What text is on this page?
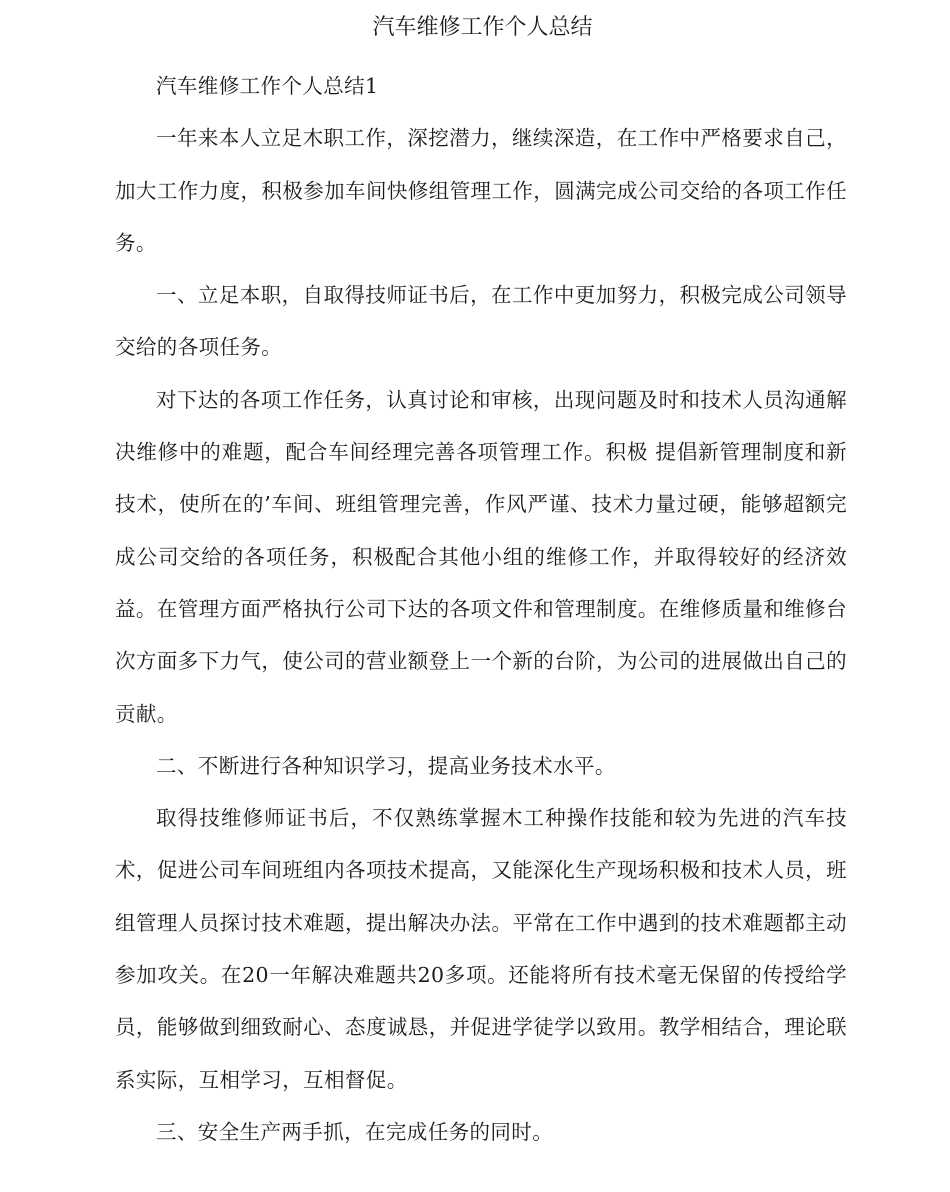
汽车维修工作个人总结

汽车维修工作个人总结1

一年来本人立足木职工作，深挖潜力，继续深造，在工作中严格要求自己，加大工作力度，积极参加车间快修组管理工作，圆满完成公司交给的各项工作任务。

一、立足本职，自取得技师证书后，在工作中更加努力，积极完成公司领导交给的各项任务。

对下达的各项工作任务，认真讨论和审核，出现问题及时和技术人员沟通解决维修中的难题，配合车间经理完善各项管理工作。积极 提倡新管理制度和新技术，使所在的’车间、班组管理完善，作风严谨、技术力量过硬，能够超额完成公司交给的各项任务，积极配合其他小组的维修工作，并取得较好的经济效益。在管理方面严格执行公司下达的各项文件和管理制度。在维修质量和维修台次方面多下力气，使公司的营业额登上一个新的台阶，为公司的进展做出自己的贡献。

二、不断进行各种知识学习，提高业务技术水平。

取得技维修师证书后，不仅熟练掌握木工种操作技能和较为先进的汽车技术，促进公司车间班组内各项技术提高，又能深化生产现场积极和技术人员，班组管理人员探讨技术难题，提出解决办法。平常在工作中遇到的技术难题都主动参加攻关。在20一年解决难题共20多项。还能将所有技术毫无保留的传授给学员，能够做到细致耐心、态度诚恳，并促进学徒学以致用。教学相结合，理论联系实际，互相学习，互相督促。

三、安全生产两手抓，在完成任务的同时。
